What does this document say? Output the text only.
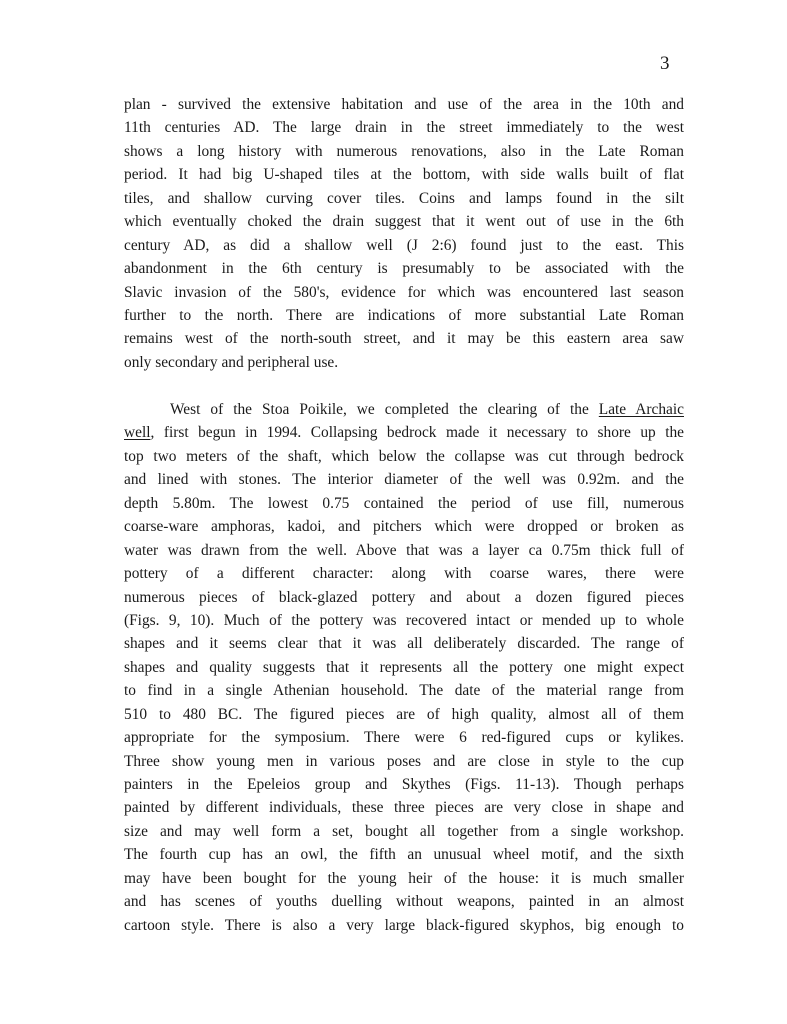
3
plan - survived the extensive habitation and use of the area in the 10th and
11th centuries AD. The large drain in the street immediately to the west
shows a long history with numerous renovations, also in the Late Roman
period. It had big U-shaped tiles at the bottom, with side walls built of flat
tiles, and shallow curving cover tiles. Coins and lamps found in the silt
which eventually choked the drain suggest that it went out of use in the 6th
century AD, as did a shallow well (J 2:6) found just to the east. This
abandonment in the 6th century is presumably to be associated with the
Slavic invasion of the 580's, evidence for which was encountered last season
further to the north. There are indications of more substantial Late Roman
remains west of the north-south street, and it may be this eastern area saw
only secondary and peripheral use.
West of the Stoa Poikile, we completed the clearing of the Late Archaic
well, first begun in 1994. Collapsing bedrock made it necessary to shore up the
top two meters of the shaft, which below the collapse was cut through bedrock
and lined with stones. The interior diameter of the well was 0.92m. and the
depth 5.80m. The lowest 0.75 contained the period of use fill, numerous
coarse-ware amphoras, kadoi, and pitchers which were dropped or broken as
water was drawn from the well. Above that was a layer ca 0.75m thick full of
pottery of a different character: along with coarse wares, there were
numerous pieces of black-glazed pottery and about a dozen figured pieces
(Figs. 9, 10). Much of the pottery was recovered intact or mended up to whole
shapes and it seems clear that it was all deliberately discarded. The range of
shapes and quality suggests that it represents all the pottery one might expect
to find in a single Athenian household. The date of the material range from
510 to 480 BC. The figured pieces are of high quality, almost all of them
appropriate for the symposium. There were 6 red-figured cups or kylikes.
Three show young men in various poses and are close in style to the cup
painters in the Epeleios group and Skythes (Figs. 11-13). Though perhaps
painted by different individuals, these three pieces are very close in shape and
size and may well form a set, bought all together from a single workshop.
The fourth cup has an owl, the fifth an unusual wheel motif, and the sixth
may have been bought for the young heir of the house: it is much smaller
and has scenes of youths duelling without weapons, painted in an almost
cartoon style. There is also a very large black-figured skyphos, big enough to
